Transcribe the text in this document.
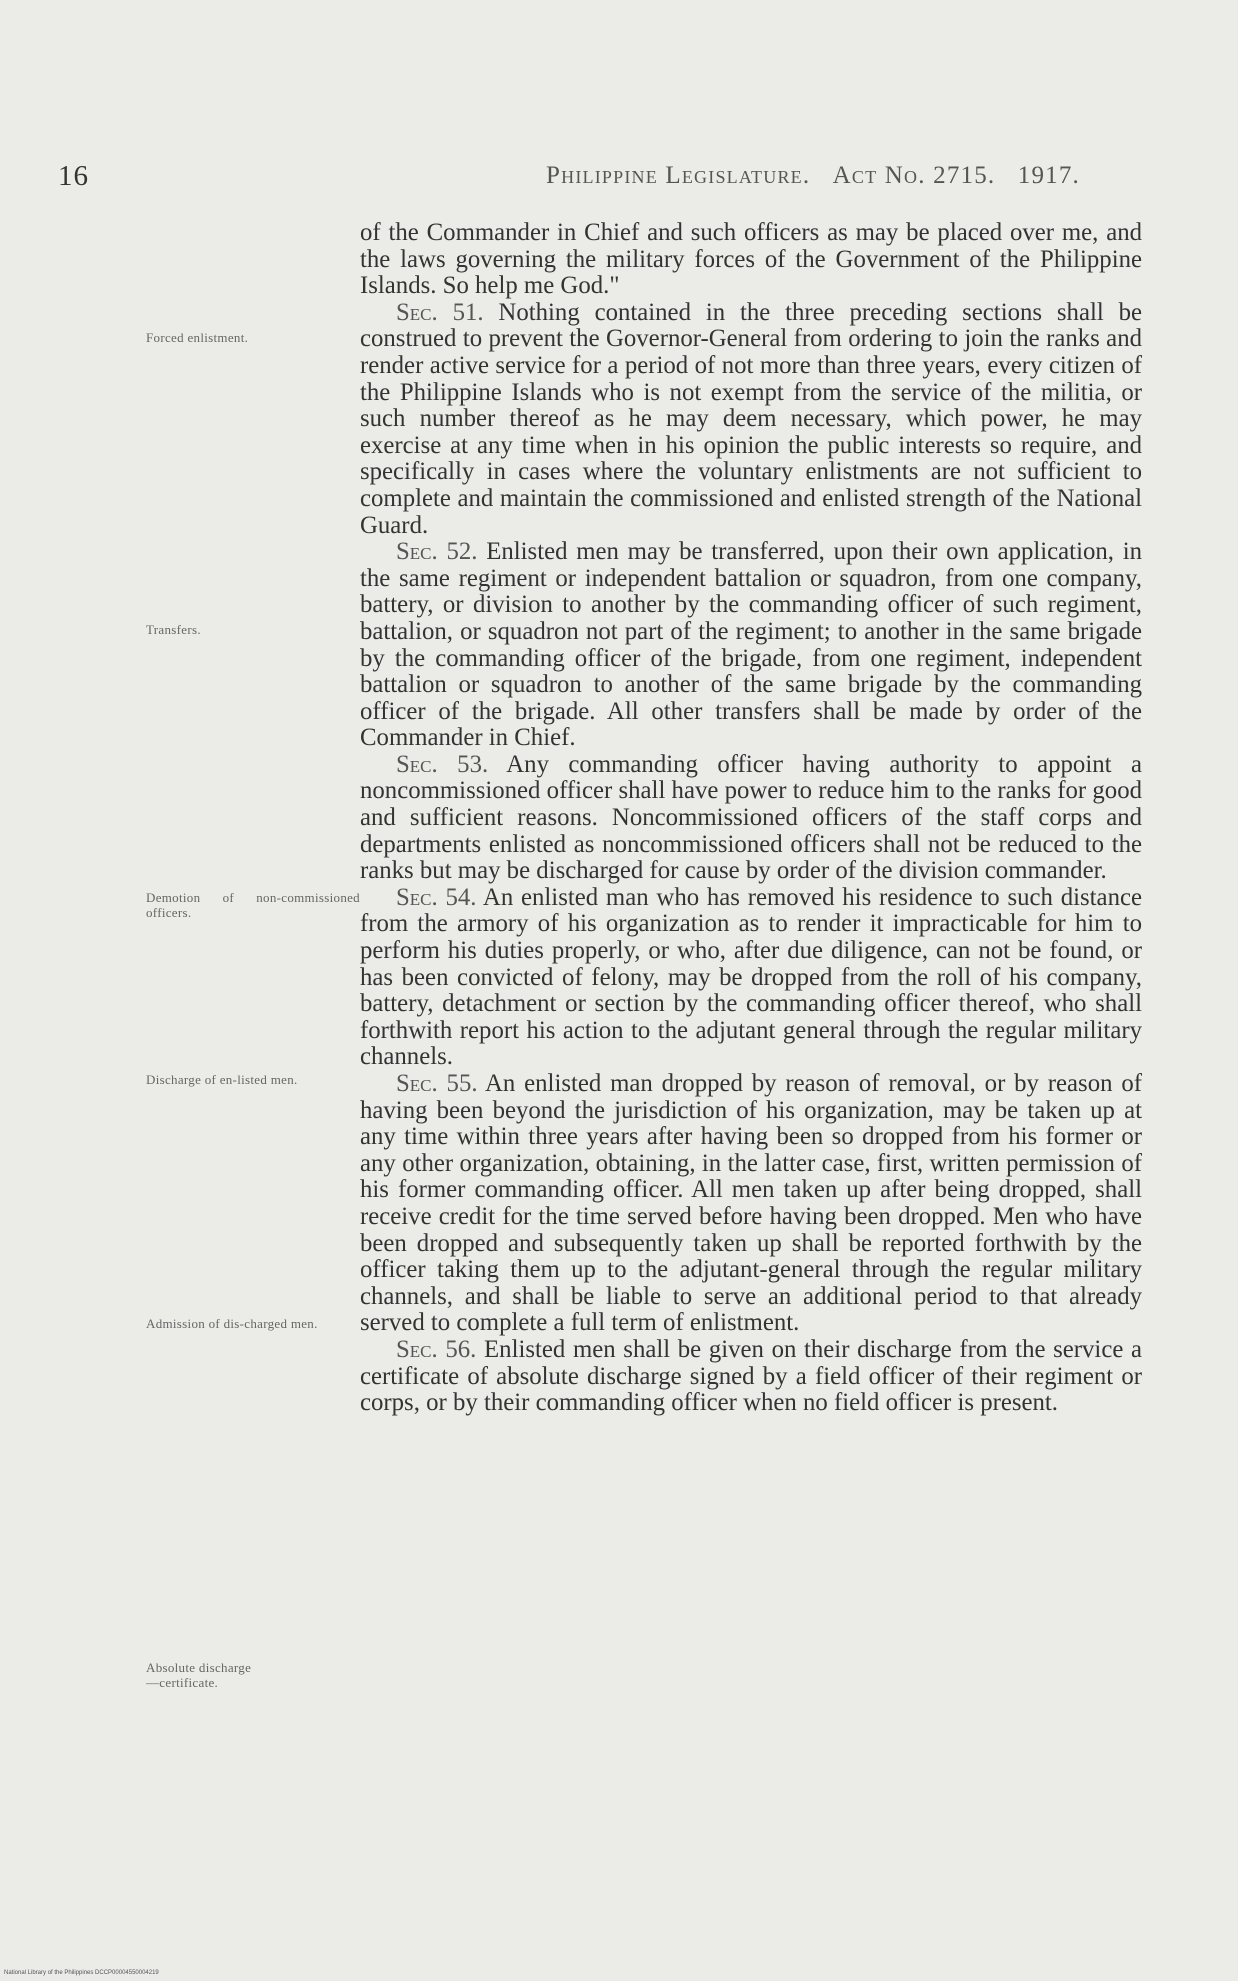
16	Philippine Legislature. Act No. 2715. 1917.
Forced enlistment.
Transfers.
Demotion of non-commissioned officers.
Discharge of en-listed men.
Admission of dis-charged men.
Absolute discharge
—certificate.

of the Commander in Chief and such officers as may be placed over me, and the laws governing the military forces of the Government of the Philippine Islands. So help me God."

Sec. 51. Nothing contained in the three preceding sections shall be construed to prevent the Governor-General from ordering to join the ranks and render active service for a period of not more than three years, every citizen of the Philippine Islands who is not exempt from the service of the militia, or such number thereof as he may deem necessary, which power, he may exercise at any time when in his opinion the public interests so require, and specifically in cases where the voluntary enlistments are not sufficient to complete and maintain the commissioned and enlisted strength of the National Guard.

Sec. 52. Enlisted men may be transferred, upon their own application, in the same regiment or independent battalion or squadron, from one company, battery, or division to another by the commanding officer of such regiment, battalion, or squadron not part of the regiment; to another in the same brigade by the commanding officer of the brigade, from one regiment, independent battalion or squadron to another of the same brigade by the commanding officer of the brigade. All other transfers shall be made by order of the Commander in Chief.

Sec. 53. Any commanding officer having authority to appoint a noncommissioned officer shall have power to reduce him to the ranks for good and sufficient reasons. Noncommissioned officers of the staff corps and departments enlisted as noncommissioned officers shall not be reduced to the ranks but may be discharged for cause by order of the division commander.

Sec. 54. An enlisted man who has removed his residence to such distance from the armory of his organization as to render it impracticable for him to perform his duties properly, or who, after due diligence, can not be found, or has been convicted of felony, may be dropped from the roll of his company, battery, detachment or section by the commanding officer thereof, who shall forthwith report his action to the adjutant general through the regular military channels.

Sec. 55. An enlisted man dropped by reason of removal, or by reason of having been beyond the jurisdiction of his organization, may be taken up at any time within three years after having been so dropped from his former or any other organization, obtaining, in the latter case, first, written permission of his former commanding officer. All men taken up after being dropped, shall receive credit for the time served before having been dropped. Men who have been dropped and subsequently taken up shall be reported forthwith by the officer taking them up to the adjutant-general through the regular military channels, and shall be liable to serve an additional period to that already served to complete a full term of enlistment.

Sec. 56. Enlisted men shall be given on their discharge from the service a certificate of absolute discharge signed by a field officer of their regiment or corps, or by their commanding officer when no field officer is present.

National Library of the Philippines DCCP00004550004219
